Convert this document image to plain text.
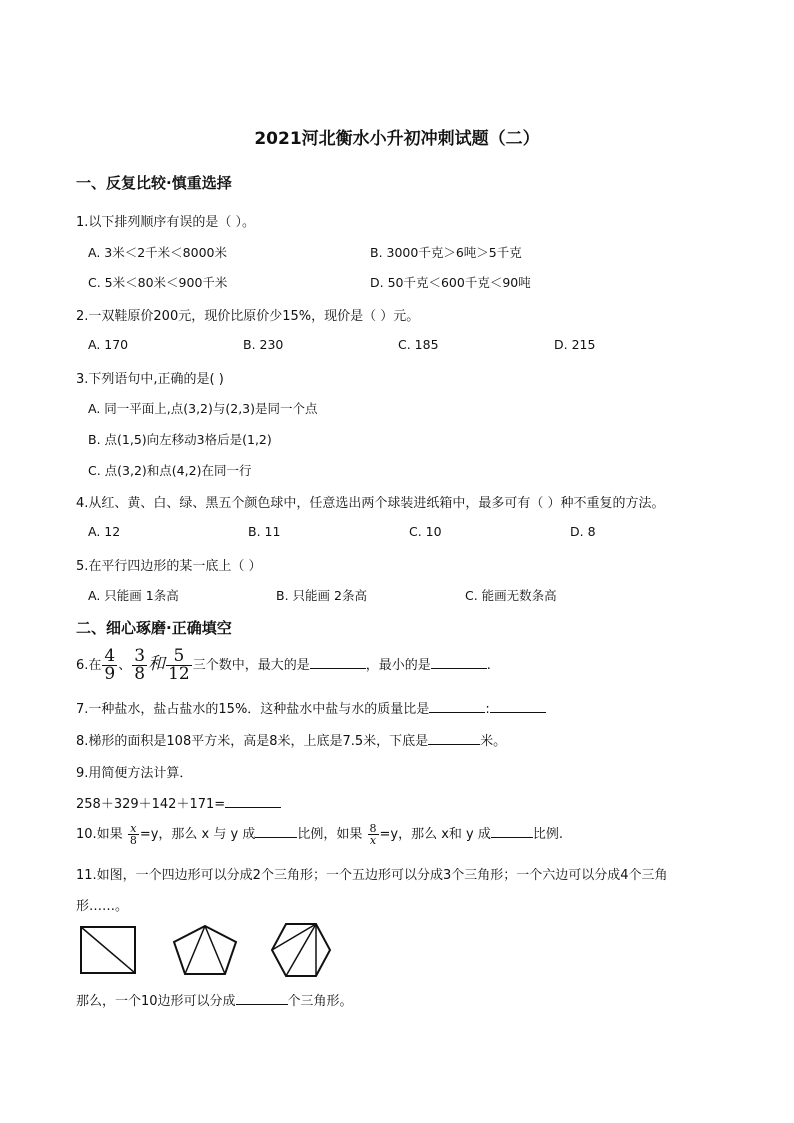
2021河北衡水小升初冲刺试题（二）
一、反复比较·慎重选择
1.以下排列顺序有误的是（ ）。
A. 3米＜2千米＜8000米	B. 3000千克＞6吨＞5千克
C. 5米＜80米＜900千米	D. 50千克＜600千克＜90吨
2.一双鞋原价200元，现价比原价少15%，现价是（ ）元。
A. 170	B. 230	C. 185	D. 215
3.下列语句中,正确的是( )
A. 同一平面上,点(3,2)与(2,3)是同一个点
B. 点(1,5)向左移动3格后是(1,2)
C. 点(3,2)和点(4,2)在同一行
4.从红、黄、白、绿、黑五个颜色球中，任意选出两个球装进纸箱中，最多可有（ ）种不重复的方法。
A. 12	B. 11	C. 10	D. 8
5.在平行四边形的某一底上（ ）
A. 只能画 1条高	B. 只能画 2条高	C. 能画无数条高
二、细心琢磨·正确填空
6.在 $\frac{4}{9}$ 、 $\frac{3}{8}$ 和 $\frac{5}{12}$ 三个数中，最大的是	，最小的是	.
7.一种盐水，盐占盐水的15%．这种盐水中盐与水的质量比是	:
8.梯形的面积是108平方米，高是8米，上底是7.5米，下底是	米。
9.用简便方法计算．
258＋329＋142＋171=
10.如果 $\frac{x}{8} =y$，那么 x 与 y 成	比例，如果 $\frac{8}{x} =y$，那么 x和 y 成	比例.
11.如图，一个四边形可以分成2个三角形；一个五边形可以分成3个三角形；一个六边可以分成4个三角
形……。
那么，一个10边形可以分成	个三角形。
